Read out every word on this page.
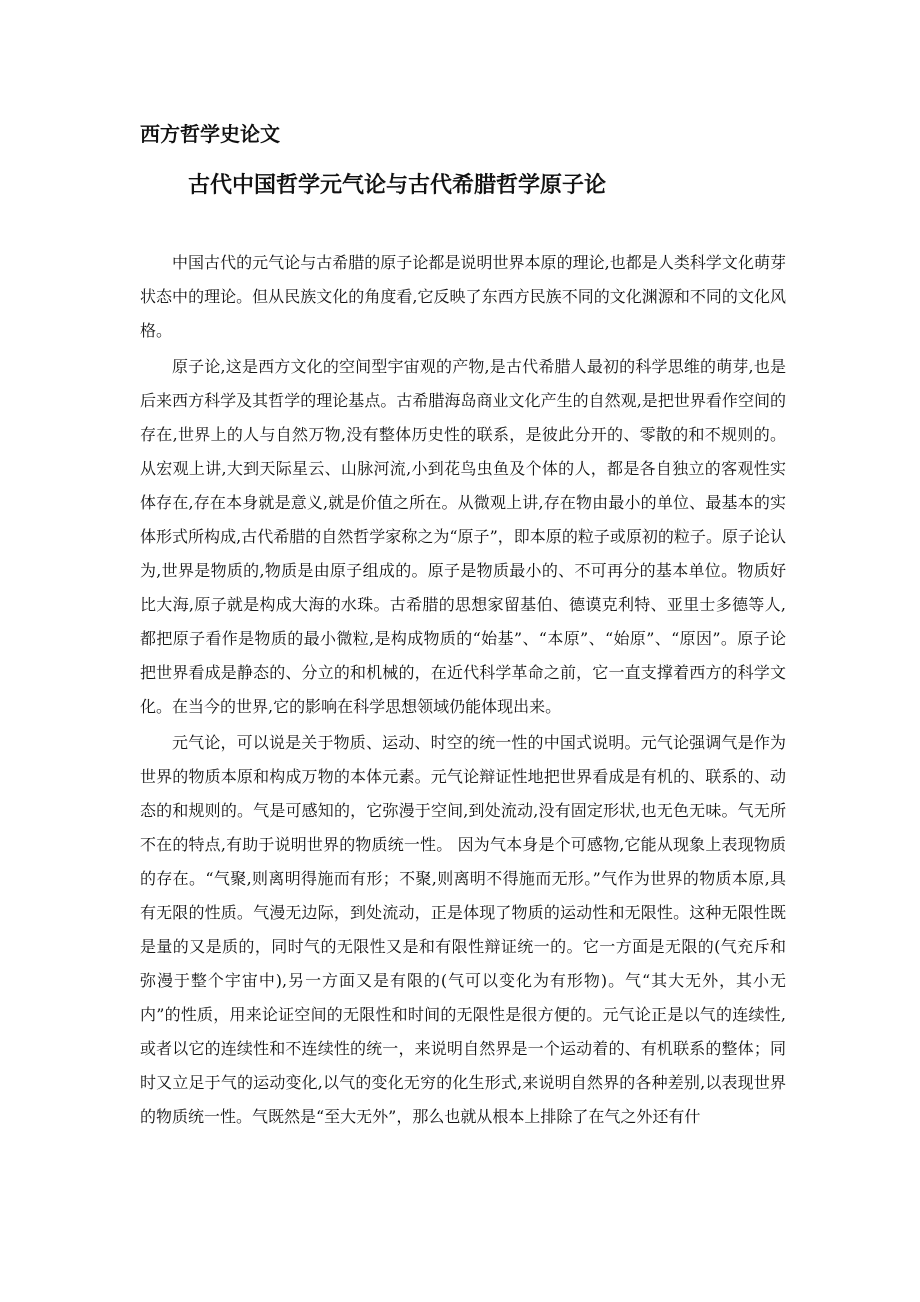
西方哲学史论文
古代中国哲学元气论与古代希腊哲学原子论

中国古代的元气论与古希腊的原子论都是说明世界本原的理论,也都是人类科学文化萌芽状态中的理论。但从民族文化的角度看,它反映了东西方民族不同的文化渊源和不同的文化风格。

原子论,这是西方文化的空间型宇宙观的产物,是古代希腊人最初的科学思维的萌芽,也是后来西方科学及其哲学的理论基点。古希腊海岛商业文化产生的自然观,是把世界看作空间的存在,世界上的人与自然万物,没有整体历史性的联系，是彼此分开的、零散的和不规则的。从宏观上讲,大到天际星云、山脉河流,小到花鸟虫鱼及个体的人，都是各自独立的客观性实体存在,存在本身就是意义,就是价值之所在。从微观上讲,存在物由最小的单位、最基本的实体形式所构成,古代希腊的自然哲学家称之为“原子”，即本原的粒子或原初的粒子。原子论认为,世界是物质的,物质是由原子组成的。原子是物质最小的、不可再分的基本单位。物质好比大海,原子就是构成大海的水珠。古希腊的思想家留基伯、德谟克利特、亚里士多德等人,都把原子看作是物质的最小微粒,是构成物质的“始基”、“本原”、“始原”、“原因”。原子论把世界看成是静态的、分立的和机械的，在近代科学革命之前，它一直支撑着西方的科学文化。在当今的世界,它的影响在科学思想领域仍能体现出来。

元气论，可以说是关于物质、运动、时空的统一性的中国式说明。元气论强调气是作为世界的物质本原和构成万物的本体元素。元气论辩证性地把世界看成是有机的、联系的、动态的和规则的。气是可感知的，它弥漫于空间,到处流动,没有固定形状,也无色无味。气无所不在的特点,有助于说明世界的物质统一性。 因为气本身是个可感物,它能从现象上表现物质的存在。“气聚,则离明得施而有形；不聚,则离明不得施而无形。”气作为世界的物质本原,具有无限的性质。气漫无边际，到处流动，正是体现了物质的运动性和无限性。这种无限性既是量的又是质的，同时气的无限性又是和有限性辩证统一的。它一方面是无限的(气充斥和弥漫于整个宇宙中),另一方面又是有限的(气可以变化为有形物)。气“其大无外，其小无内”的性质，用来论证空间的无限性和时间的无限性是很方便的。元气论正是以气的连续性,或者以它的连续性和不连续性的统一，来说明自然界是一个运动着的、有机联系的整体；同时又立足于气的运动变化,以气的变化无穷的化生形式,来说明自然界的各种差别,以表现世界的物质统一性。气既然是“至大无外”，那么也就从根本上排除了在气之外还有什
